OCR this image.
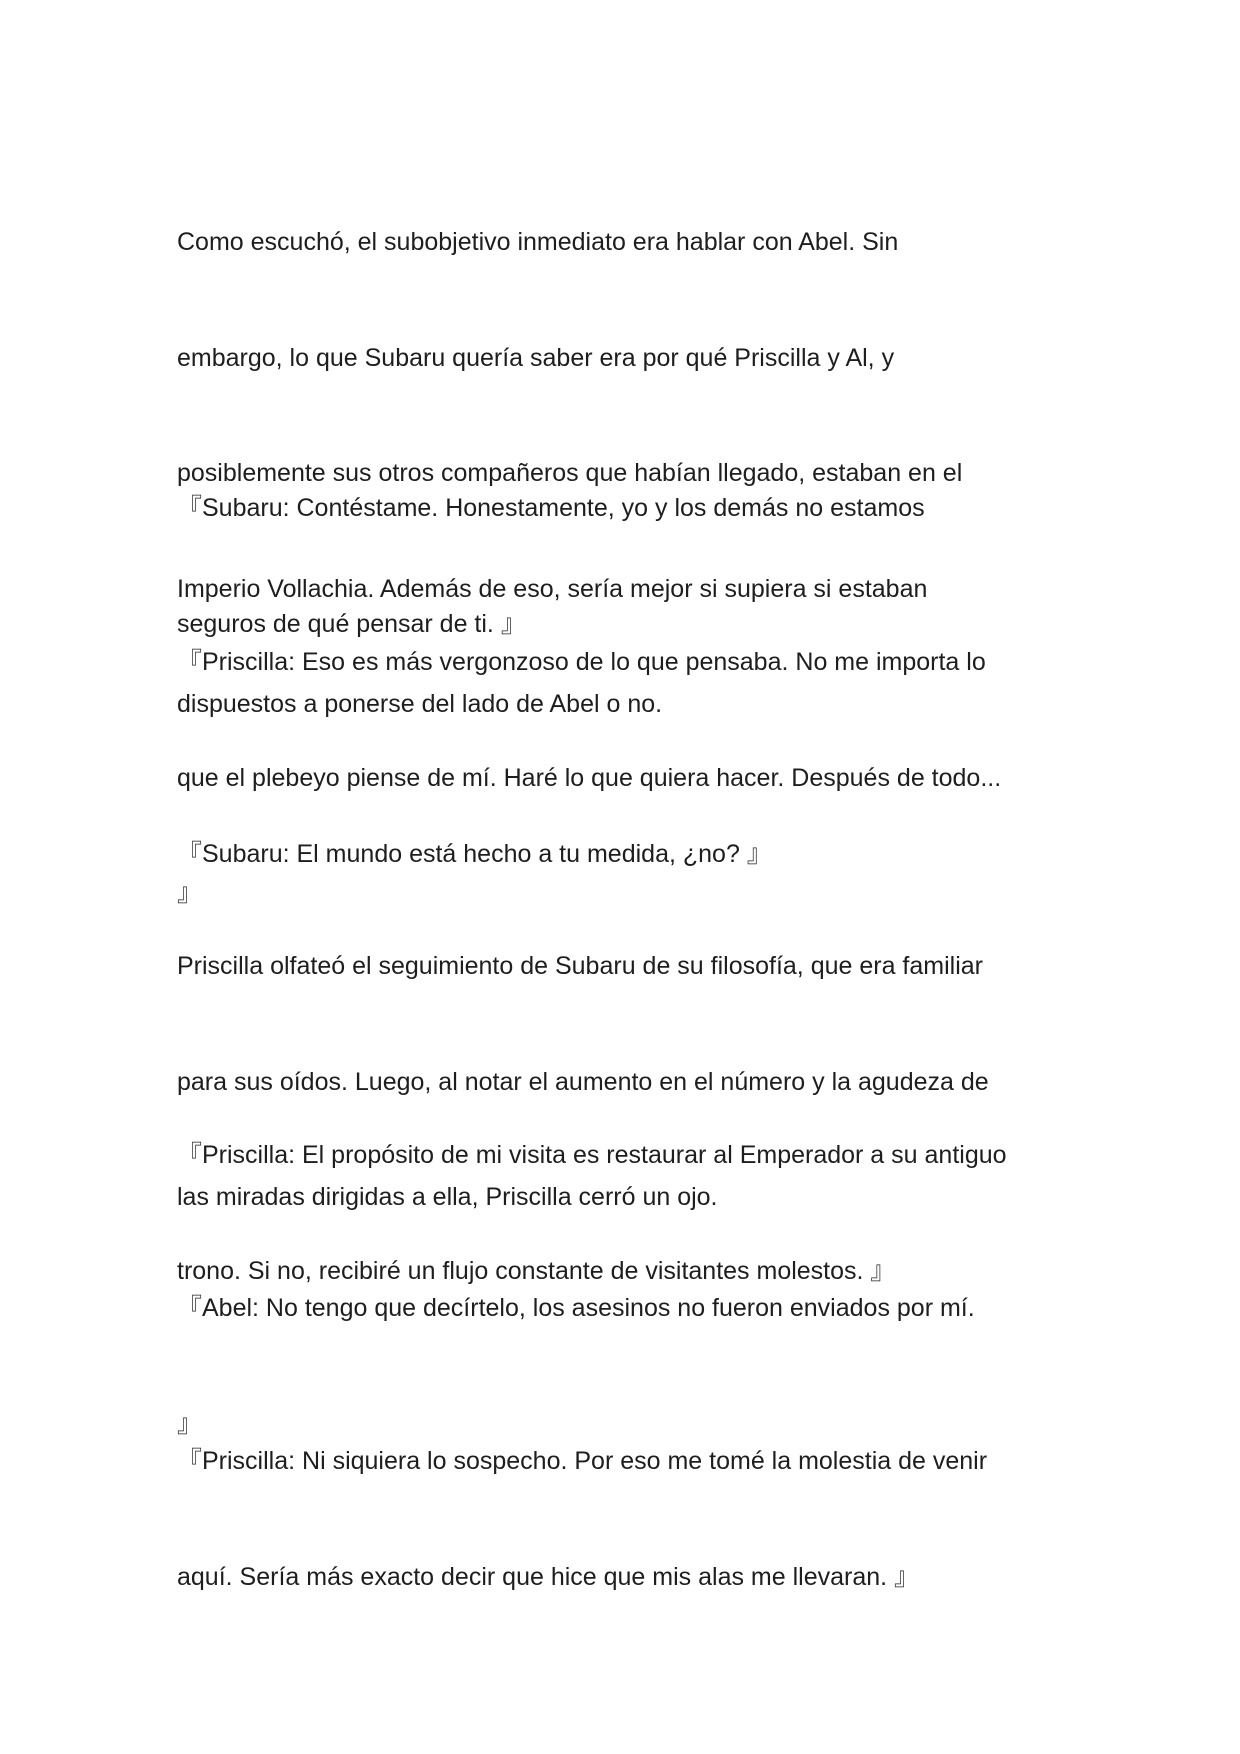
Como escuchó, el subobjetivo inmediato era hablar con Abel. Sin

embargo, lo que Subaru quería saber era por qué Priscilla y Al, y

posiblemente sus otros compañeros que habían llegado, estaban en el

Imperio Vollachia. Además de eso, sería mejor si supiera si estaban

dispuestos a ponerse del lado de Abel o no.

『Subaru: Contéstame. Honestamente, yo y los demás no estamos

seguros de qué pensar de ti. 』

『Priscilla: Eso es más vergonzoso de lo que pensaba. No me importa lo

que el plebeyo piense de mí. Haré lo que quiera hacer. Después de todo...

』

『Subaru: El mundo está hecho a tu medida, ¿no? 』

Priscilla olfateó el seguimiento de Subaru de su filosofía, que era familiar

para sus oídos. Luego, al notar el aumento en el número y la agudeza de

las miradas dirigidas a ella, Priscilla cerró un ojo.

『Priscilla: El propósito de mi visita es restaurar al Emperador a su antiguo

trono. Si no, recibiré un flujo constante de visitantes molestos. 』

『Abel: No tengo que decírtelo, los asesinos no fueron enviados por mí.

』

『Priscilla: Ni siquiera lo sospecho. Por eso me tomé la molestia de venir

aquí. Sería más exacto decir que hice que mis alas me llevaran. 』
